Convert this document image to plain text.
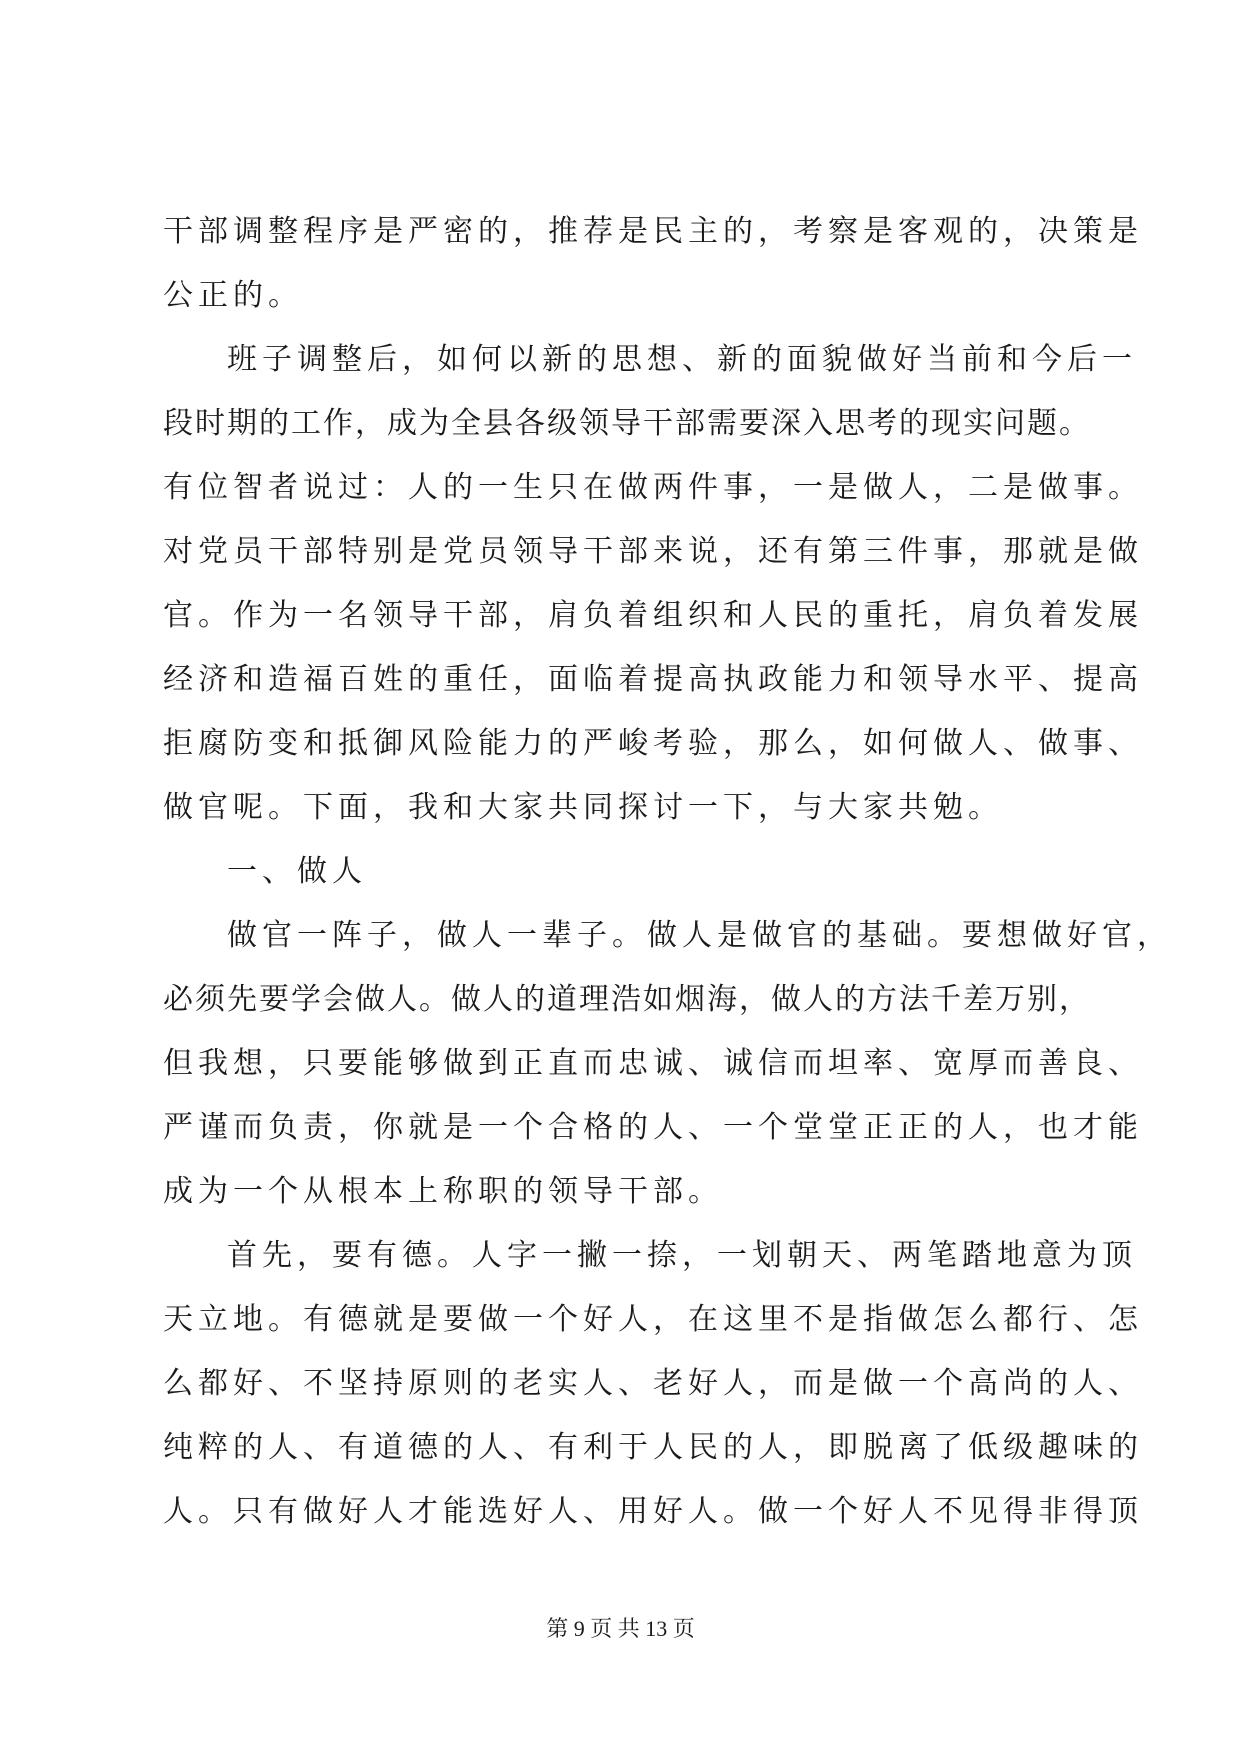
干部调整程序是严密的，推荐是民主的，考察是客观的，决策是
公正的。
班子调整后，如何以新的思想、新的面貌做好当前和今后一
段时期的工作，成为全县各级领导干部需要深入思考的现实问题。
有位智者说过：人的一生只在做两件事，一是做人，二是做事。
对党员干部特别是党员领导干部来说，还有第三件事，那就是做
官。作为一名领导干部，肩负着组织和人民的重托，肩负着发展
经济和造福百姓的重任，面临着提高执政能力和领导水平、提高
拒腐防变和抵御风险能力的严峻考验，那么，如何做人、做事、
做官呢。下面，我和大家共同探讨一下，与大家共勉。
一、做人
做官一阵子，做人一辈子。做人是做官的基础。要想做好官，
必须先要学会做人。做人的道理浩如烟海，做人的方法千差万别，
但我想，只要能够做到正直而忠诚、诚信而坦率、宽厚而善良、
严谨而负责，你就是一个合格的人、一个堂堂正正的人，也才能
成为一个从根本上称职的领导干部。
首先，要有德。人字一撇一捺，一划朝天、两笔踏地意为顶
天立地。有德就是要做一个好人，在这里不是指做怎么都行、怎
么都好、不坚持原则的老实人、老好人，而是做一个高尚的人、
纯粹的人、有道德的人、有利于人民的人，即脱离了低级趣味的
人。只有做好人才能选好人、用好人。做一个好人不见得非得顶
第 9 页 共 13 页
